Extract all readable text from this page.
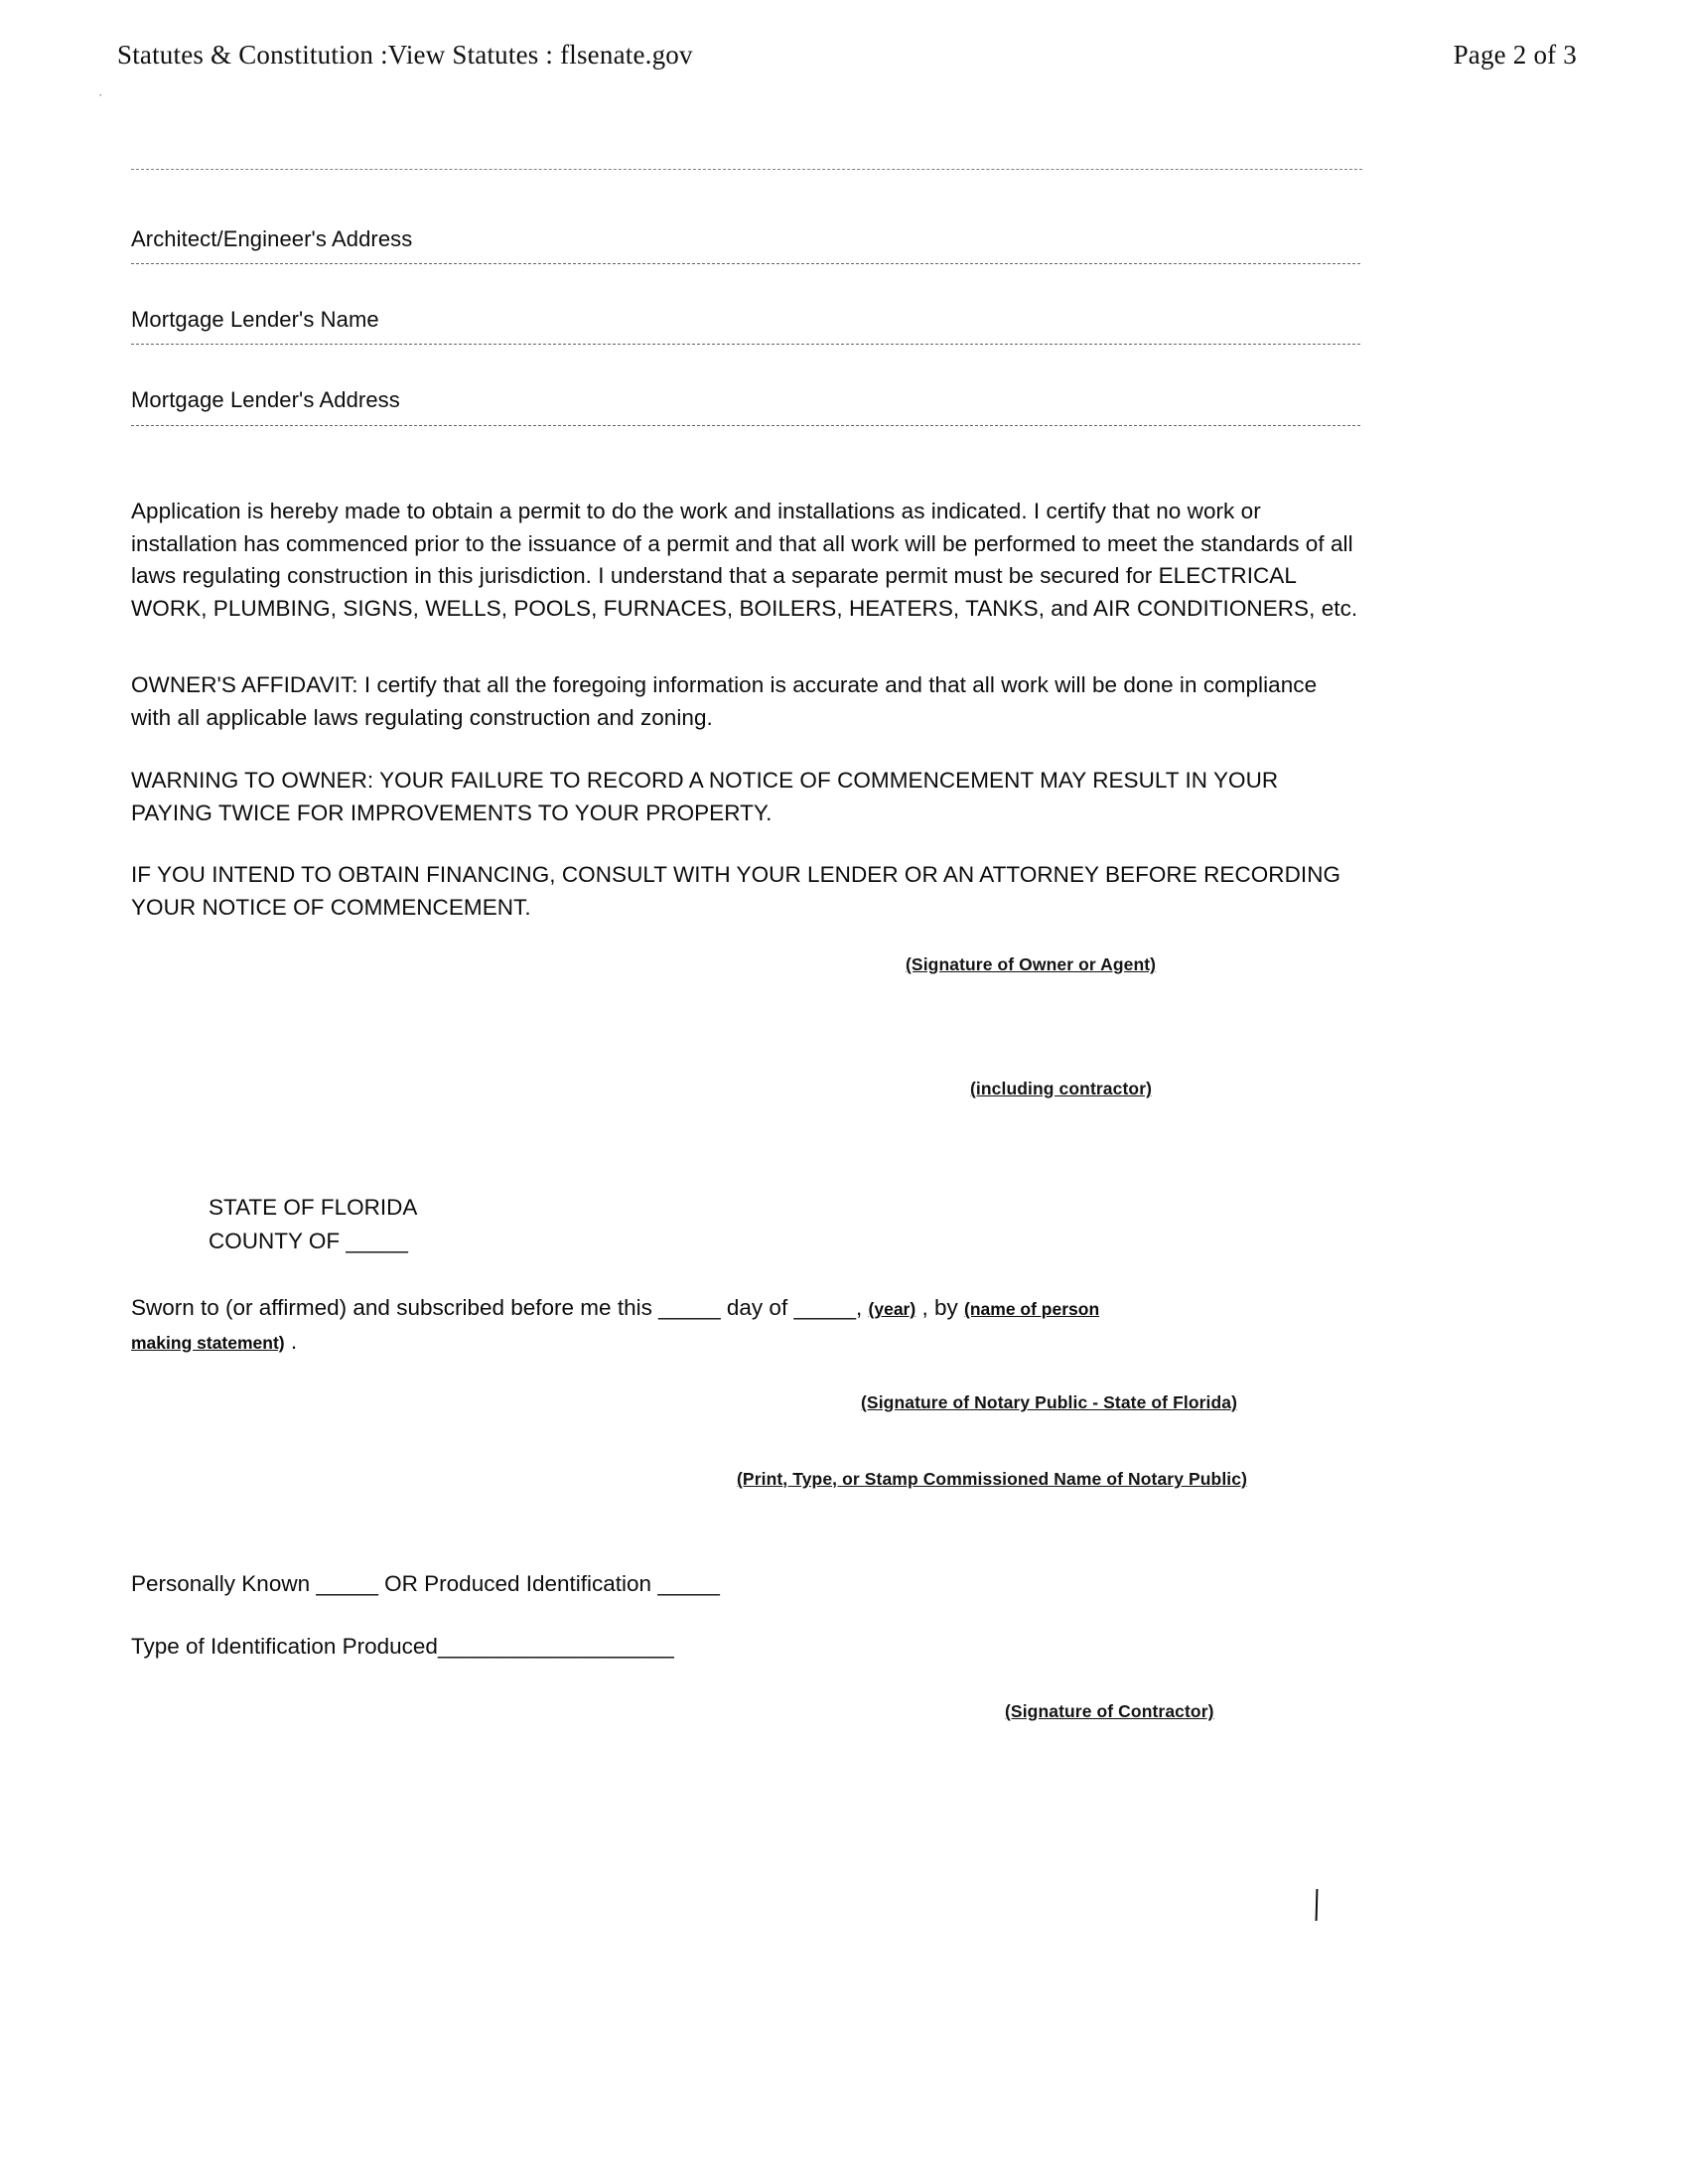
Statutes & Constitution :View Statutes : flsenate.gov	Page 2 of 3
·
Architect/Engineer's Address
Mortgage Lender's Name
Mortgage Lender's Address

Application is hereby made to obtain a permit to do the work and installations as indicated. I certify that no work or installation has commenced prior to the issuance of a permit and that all work will be performed to meet the standards of all laws regulating construction in this jurisdiction. I understand that a separate permit must be secured for ELECTRICAL WORK, PLUMBING, SIGNS, WELLS, POOLS, FURNACES, BOILERS, HEATERS, TANKS, and AIR CONDITIONERS, etc.

OWNER'S AFFIDAVIT: I certify that all the foregoing information is accurate and that all work will be done in compliance with all applicable laws regulating construction and zoning.

WARNING TO OWNER: YOUR FAILURE TO RECORD A NOTICE OF COMMENCEMENT MAY RESULT IN YOUR PAYING TWICE FOR IMPROVEMENTS TO YOUR PROPERTY.

IF YOU INTEND TO OBTAIN FINANCING, CONSULT WITH YOUR LENDER OR AN ATTORNEY BEFORE RECORDING YOUR NOTICE OF COMMENCEMENT.

(Signature of Owner or Agent)
(including contractor)
STATE OF FLORIDA
COUNTY OF _____
Sworn to (or affirmed) and subscribed before me this _____ day of _____, (year) , by (name of person
making statement) .
(Signature of Notary Public - State of Florida)
(Print, Type, or Stamp Commissioned Name of Notary Public)
Personally Known _____ OR Produced Identification _____
Type of Identification Produced___________________
(Signature of Contractor)
